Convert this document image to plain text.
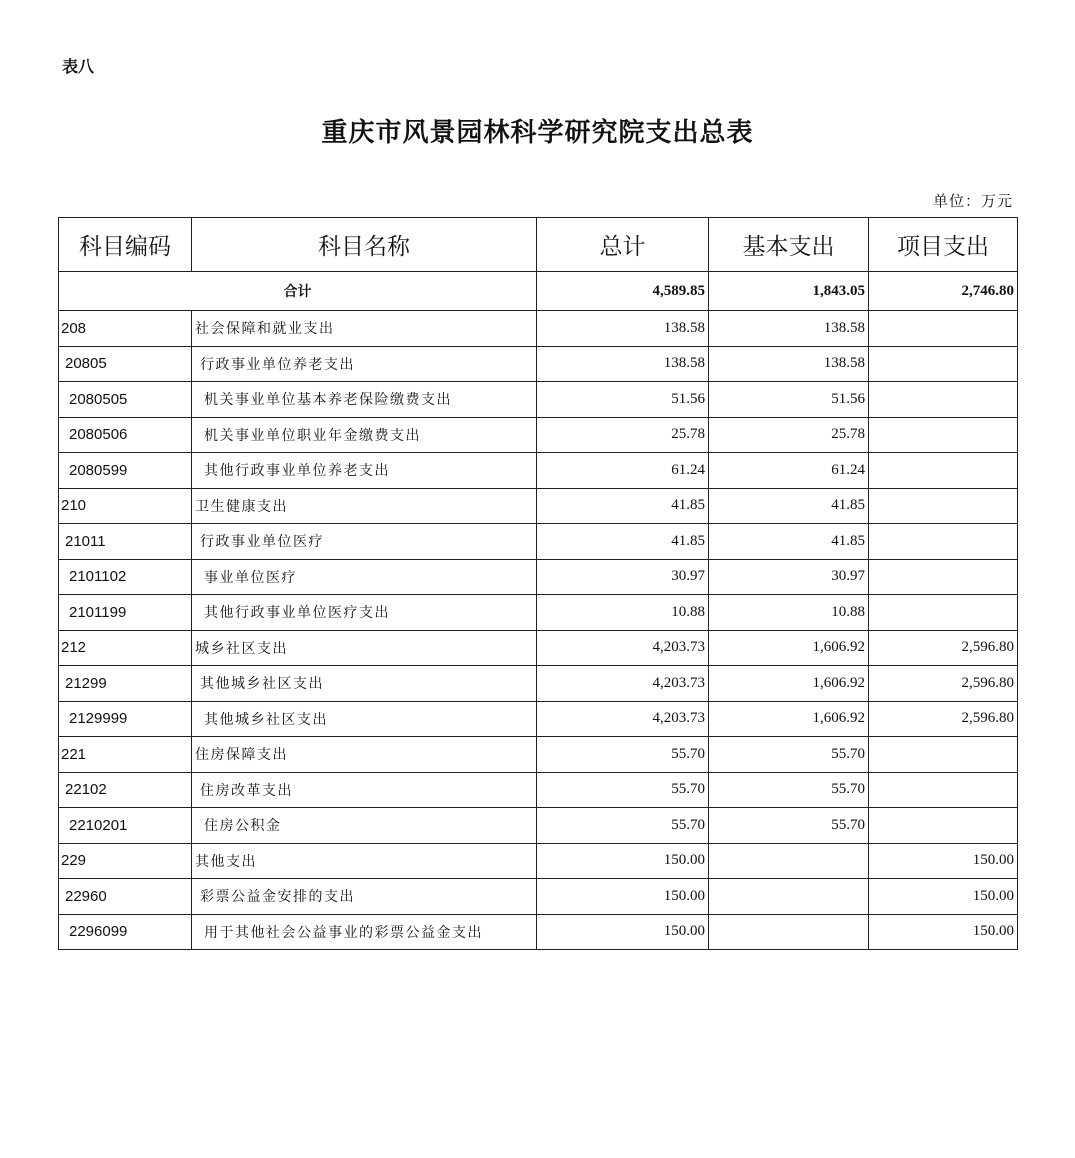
表八
重庆市风景园林科学研究院支出总表
单位：万元
科目编码	科目名称	总计	基本支出	项目支出
合计		4,589.85	1,843.05	2,746.80
208	社会保障和就业支出	138.58	138.58	
20805	行政事业单位养老支出	138.58	138.58	
2080505	机关事业单位基本养老保险缴费支出	51.56	51.56	
2080506	机关事业单位职业年金缴费支出	25.78	25.78	
2080599	其他行政事业单位养老支出	61.24	61.24	
210	卫生健康支出	41.85	41.85	
21011	行政事业单位医疗	41.85	41.85	
2101102	事业单位医疗	30.97	30.97	
2101199	其他行政事业单位医疗支出	10.88	10.88	
212	城乡社区支出	4,203.73	1,606.92	2,596.80
21299	其他城乡社区支出	4,203.73	1,606.92	2,596.80
2129999	其他城乡社区支出	4,203.73	1,606.92	2,596.80
221	住房保障支出	55.70	55.70	
22102	住房改革支出	55.70	55.70	
2210201	住房公积金	55.70	55.70	
229	其他支出	150.00		150.00
22960	彩票公益金安排的支出	150.00		150.00
2296099	用于其他社会公益事业的彩票公益金支出	150.00		150.00
